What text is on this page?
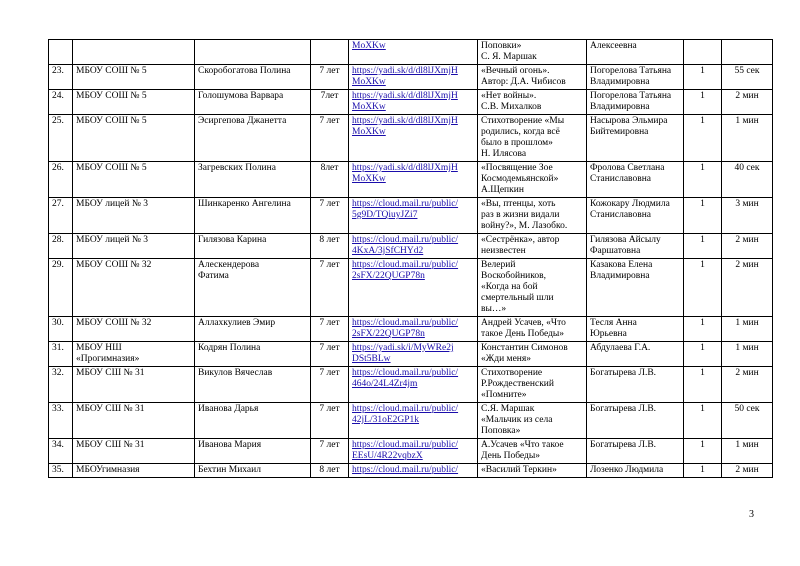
				MoXKw	Поповки»
С. Я. Маршак	Алексеевна		

23.	МБОУ СОШ № 5	Скоробогатова Полина	7 лет	https://yadi.sk/d/dl8lJXmjH
MoXKw	«Вечный огонь».
Автор: Д.А. Чибисов	Погорелова Татьяна
Владимировна	1	55 сек

24.	МБОУ СОШ № 5	Голошумова Варвара	7лет	https://yadi.sk/d/dl8lJXmjH
MoXKw	«Нет войны».
С.В. Михалков	Погорелова Татьяна
Владимировна	1	2 мин

25.	МБОУ СОШ № 5	Эсиргепова Джанетта	7 лет	https://yadi.sk/d/dl8lJXmjH
MoXKw	Стихотворение «Мы
родились, когда всё
было в прошлом»
Н. Илясова	Насырова Эльмира
Бийтемировна	1	1 мин

26.	МБОУ СОШ № 5	Загревских Полина	8лет	https://yadi.sk/d/dl8lJXmjH
MoXKw	«Посвящение Зое
Космодемьянской»
А.Щепкин	Фролова Светлана
Станиславовна	1	40 сек

27.	МБОУ лицей № 3	Шинкаренко Ангелина	7 лет	https://cloud.mail.ru/public/
5g9D/TQiuyJZi7	«Вы, птенцы, хоть
раз в жизни видали
войну?», М. Лазобко.	Кожокару Людмила
Станиславовна	1	3 мин

28.	МБОУ лицей № 3	Гилязова Карина	8 лет	https://cloud.mail.ru/public/
4KxA/3jSfCHYd2	«Сестрёнка», автор
неизвестен	Гилязова Айсылу
Фаршатовна	1	2 мин

29.	МБОУ СОШ № 32	Алескендерова
Фатима	7 лет	https://cloud.mail.ru/public/
2sFX/22QUGP78n	Велерий
Воскобойников,
«Когда на бой
смертельный шли
вы…»	Казакова Елена
Владимировна	1	2 мин

30.	МБОУ СОШ № 32	Аллахкулиев Эмир	7 лет	https://cloud.mail.ru/public/
2sFX/22QUGP78n	Андрей Усачев, «Что
такое День Победы»	Тесля Анна
Юрьевна	1	1 мин

31.	МБОУ НШ
«Прогимназия»	Кодрян Полина	7 лет	https://yadi.sk/i/MyWRe2j
DSt5BLw	Константин Симонов
«Жди меня»	Абдулаева Г.А.	1	1 мин

32.	МБОУ СШ № 31	Викулов Вячеслав	7 лет	https://cloud.mail.ru/public/
464o/24L4Zr4jm	Стихотворение
Р.Рождественский
«Помните»	Богатырева Л.В.	1	2 мин

33.	МБОУ СШ № 31	Иванова Дарья	7 лет	https://cloud.mail.ru/public/
42jL/31oE2GP1k	С.Я. Маршак
«Мальчик из села
Поповка»	Богатырева Л.В.	1	50 сек

34.	МБОУ СШ № 31	Иванова Мария	7 лет	https://cloud.mail.ru/public/
EEsU/4R22vqbzX	А.Усачев «Что такое
День Победы»	Богатырева Л.В.	1	1 мин

35.	МБОУгимназия	Бехтин Михаил	8 лет	https://cloud.mail.ru/public/	«Василий Теркин»	Лозенко Людмила	1	2 мин
3
